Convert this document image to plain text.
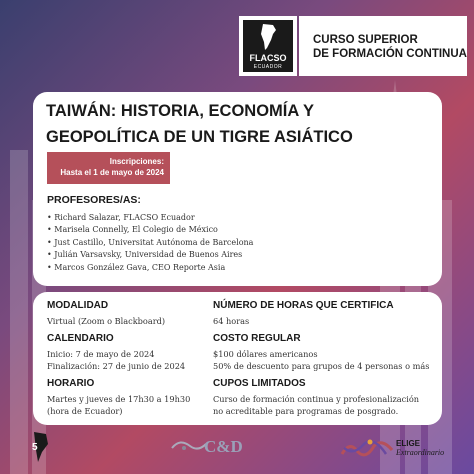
FLACSO
ECUADOR
CURSO SUPERIOR
DE FORMACIÓN CONTINUA
TAIWÁN: HISTORIA, ECONOMÍA Y
GEOPOLÍTICA DE UN TIGRE ASIÁTICO
Inscripciones:
Hasta el 1 de mayo de 2024
PROFESORES/AS:
• Richard Salazar, FLACSO Ecuador
• Marisela Connelly, El Colegio de México
• Just Castillo, Universitat Autónoma de Barcelona
• Julián Varsavsky, Universidad de Buenos Aires
• Marcos González Gava, CEO Reporte Asia
MODALIDAD
Virtual (Zoom o Blackboard)
CALENDARIO
Inicio: 7 de mayo de 2024
Finalización: 27 de junio de 2024
HORARIO
Martes y jueves de 17h30 a 19h30
(hora de Ecuador)
NÚMERO DE HORAS QUE CERTIFICA
64 horas
COSTO REGULAR
$100 dólares americanos
50% de descuento para grupos de 4 personas o más
CUPOS LIMITADOS
Curso de formación continua y profesionalización
no acreditable para programas de posgrado.
5	C&D	ELIGE
Extraordinario
